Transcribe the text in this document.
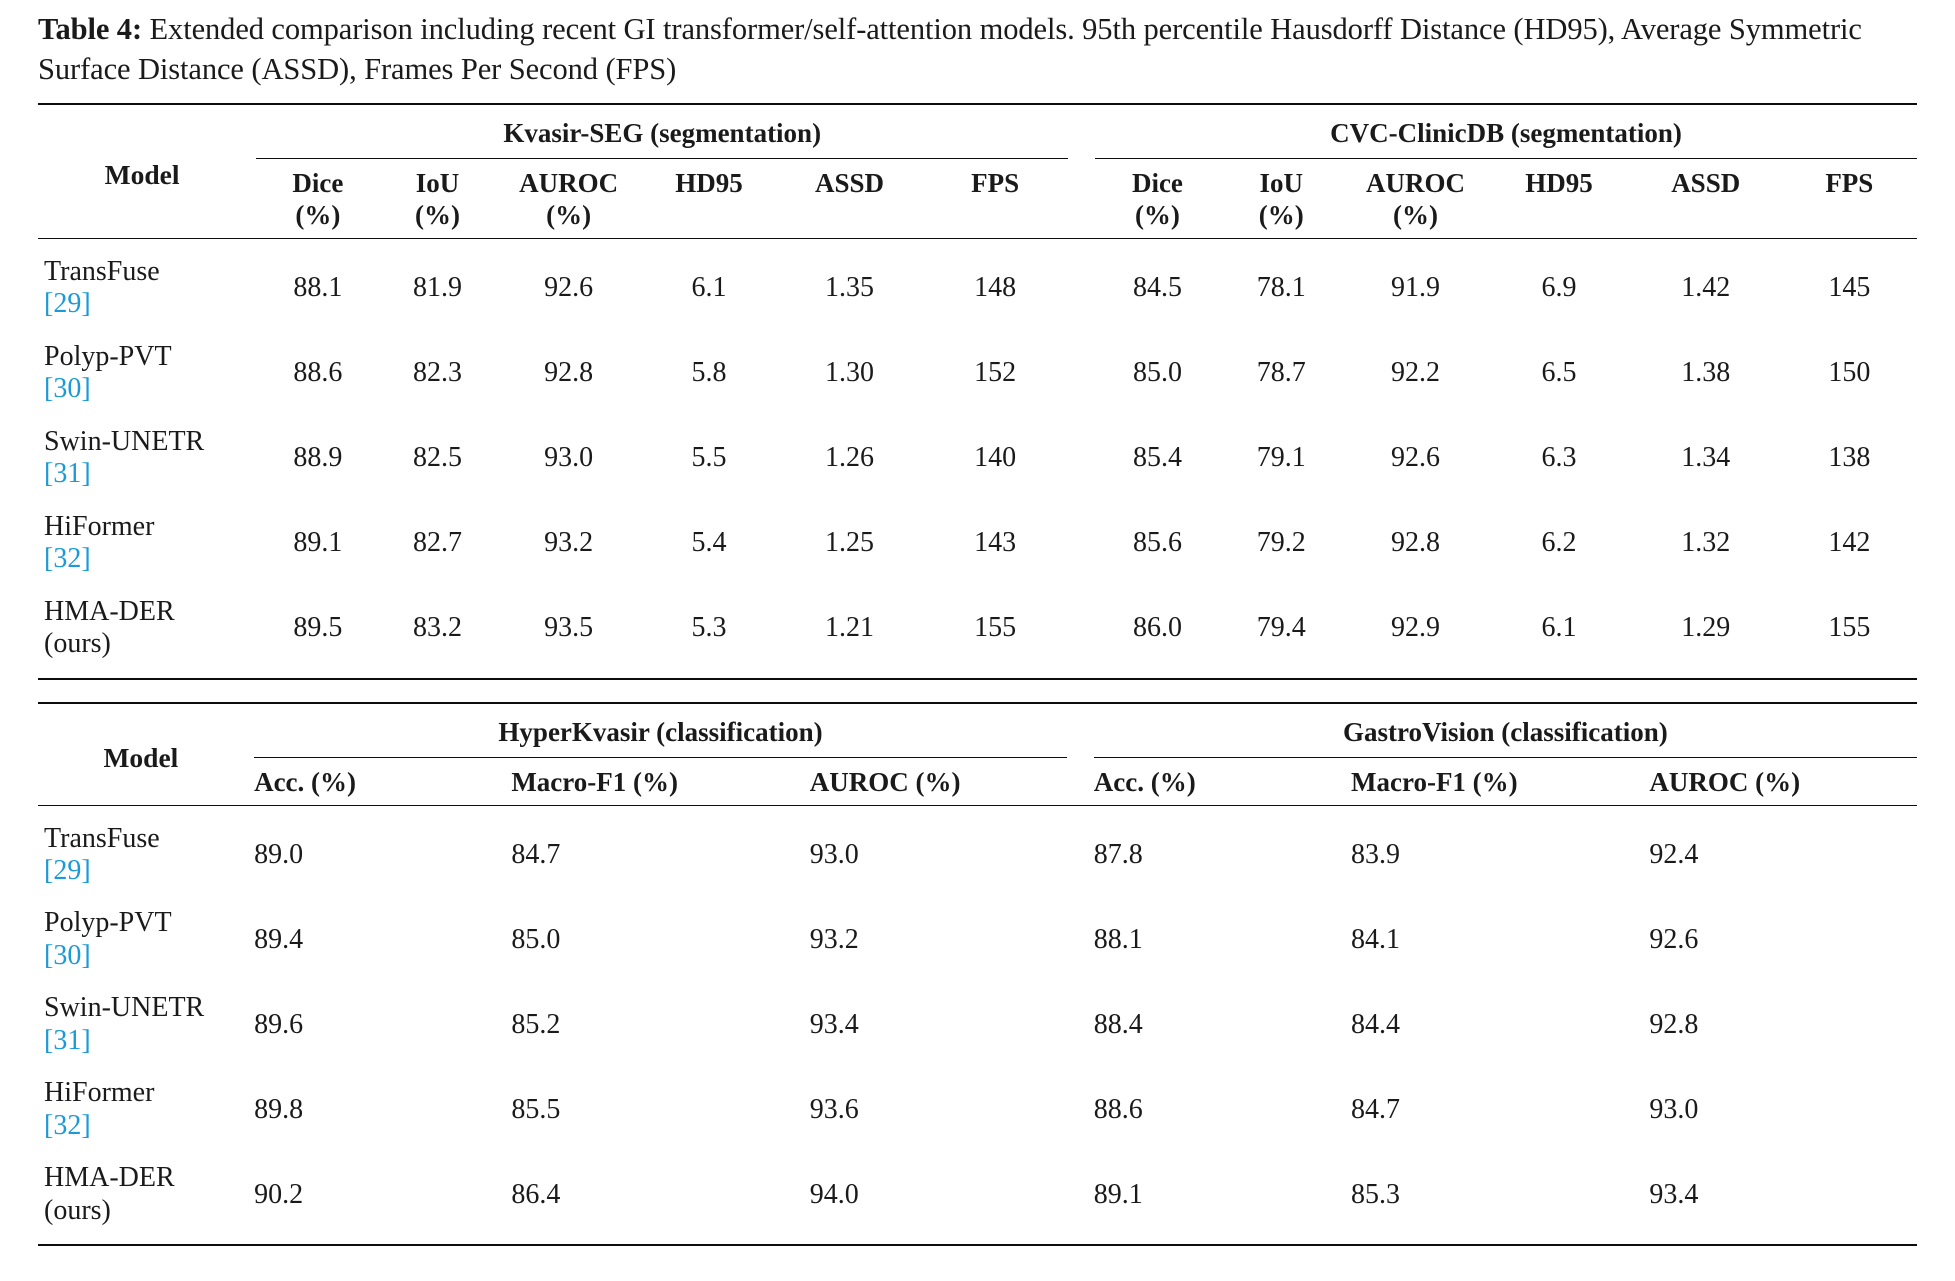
Table 4: Extended comparison including recent GI transformer/self-attention models. 95th percentile Hausdorff Distance (HD95), Average Symmetric Surface Distance (ASSD), Frames Per Second (FPS)

Model		Kvasir-SEG (segmentation)							CVC-ClinicDB (segmentation)					
		Dice
(%)	IoU
(%)	AUROC
(%)	HD95	ASSD	FPS		Dice
(%)	IoU
(%)	AUROC
(%)	HD95	ASSD	FPS

TransFuse
[29]		88.1	81.9	92.6	6.1	1.35	148		84.5	78.1	91.9	6.9	1.42	145
Polyp-PVT
[30]		88.6	82.3	92.8	5.8	1.30	152		85.0	78.7	92.2	6.5	1.38	150
Swin-UNETR
[31]		88.9	82.5	93.0	5.5	1.26	140		85.4	79.1	92.6	6.3	1.34	138
HiFormer
[32]		89.1	82.7	93.2	5.4	1.25	143		85.6	79.2	92.8	6.2	1.32	142
HMA-DER
(ours)		89.5	83.2	93.5	5.3	1.21	155		86.0	79.4	92.9	6.1	1.29	155

Model		HyperKvasir (classification)				GastroVision (classification)		
		Acc. (%)	Macro-F1 (%)	AUROC (%)		Acc. (%)	Macro-F1 (%)	AUROC (%)

TransFuse
[29]		89.0	84.7	93.0		87.8	83.9	92.4
Polyp-PVT
[30]		89.4	85.0	93.2		88.1	84.1	92.6
Swin-UNETR
[31]		89.6	85.2	93.4		88.4	84.4	92.8
HiFormer
[32]		89.8	85.5	93.6		88.6	84.7	93.0
HMA-DER
(ours)		90.2	86.4	94.0		89.1	85.3	93.4
